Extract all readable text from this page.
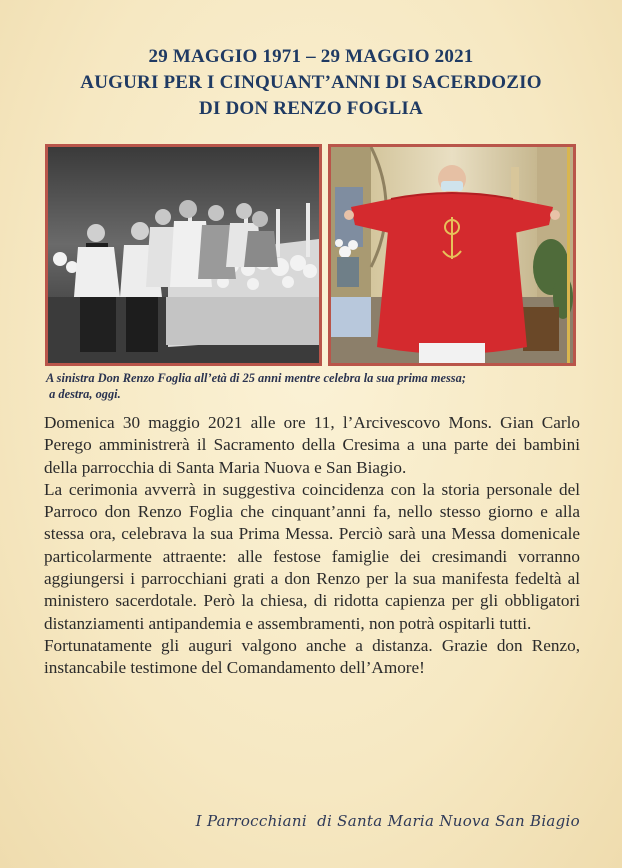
29 MAGGIO 1971 – 29 MAGGIO 2021
AUGURI PER I CINQUANT’ANNI DI SACERDOZIO
DI DON RENZO FOGLIA
A sinistra Don Renzo Foglia all’età di 25 anni mentre celebra la sua prima messa;
a destra, oggi.

Domenica 30 maggio 2021 alle ore 11, l’Arcivescovo Mons. Gian Carlo Perego amministrerà il Sacramento della Cresima a una parte dei bambini della parrocchia di Santa Maria Nuova e San Biagio.

La cerimonia avverrà in suggestiva coincidenza con la storia personale del Parroco don Renzo Foglia che cinquant’anni fa, nello stesso giorno e alla stessa ora, celebrava la sua Prima Messa. Perciò sarà una Messa domenicale particolarmente attraente: alle festose famiglie dei cresimandi vorranno aggiungersi i parrocchiani grati a don Renzo per la sua manifesta fedeltà al ministero sacerdotale. Però la chiesa, di ridotta capienza per gli obbligatori distanziamenti antipandemia e assembramenti, non potrà ospitarli tutti.

Fortunatamente gli auguri valgono anche a distanza. Grazie don Renzo, instancabile testimone del Comandamento dell’Amore!

I Parrocchiani  di Santa Maria Nuova San Biagio
